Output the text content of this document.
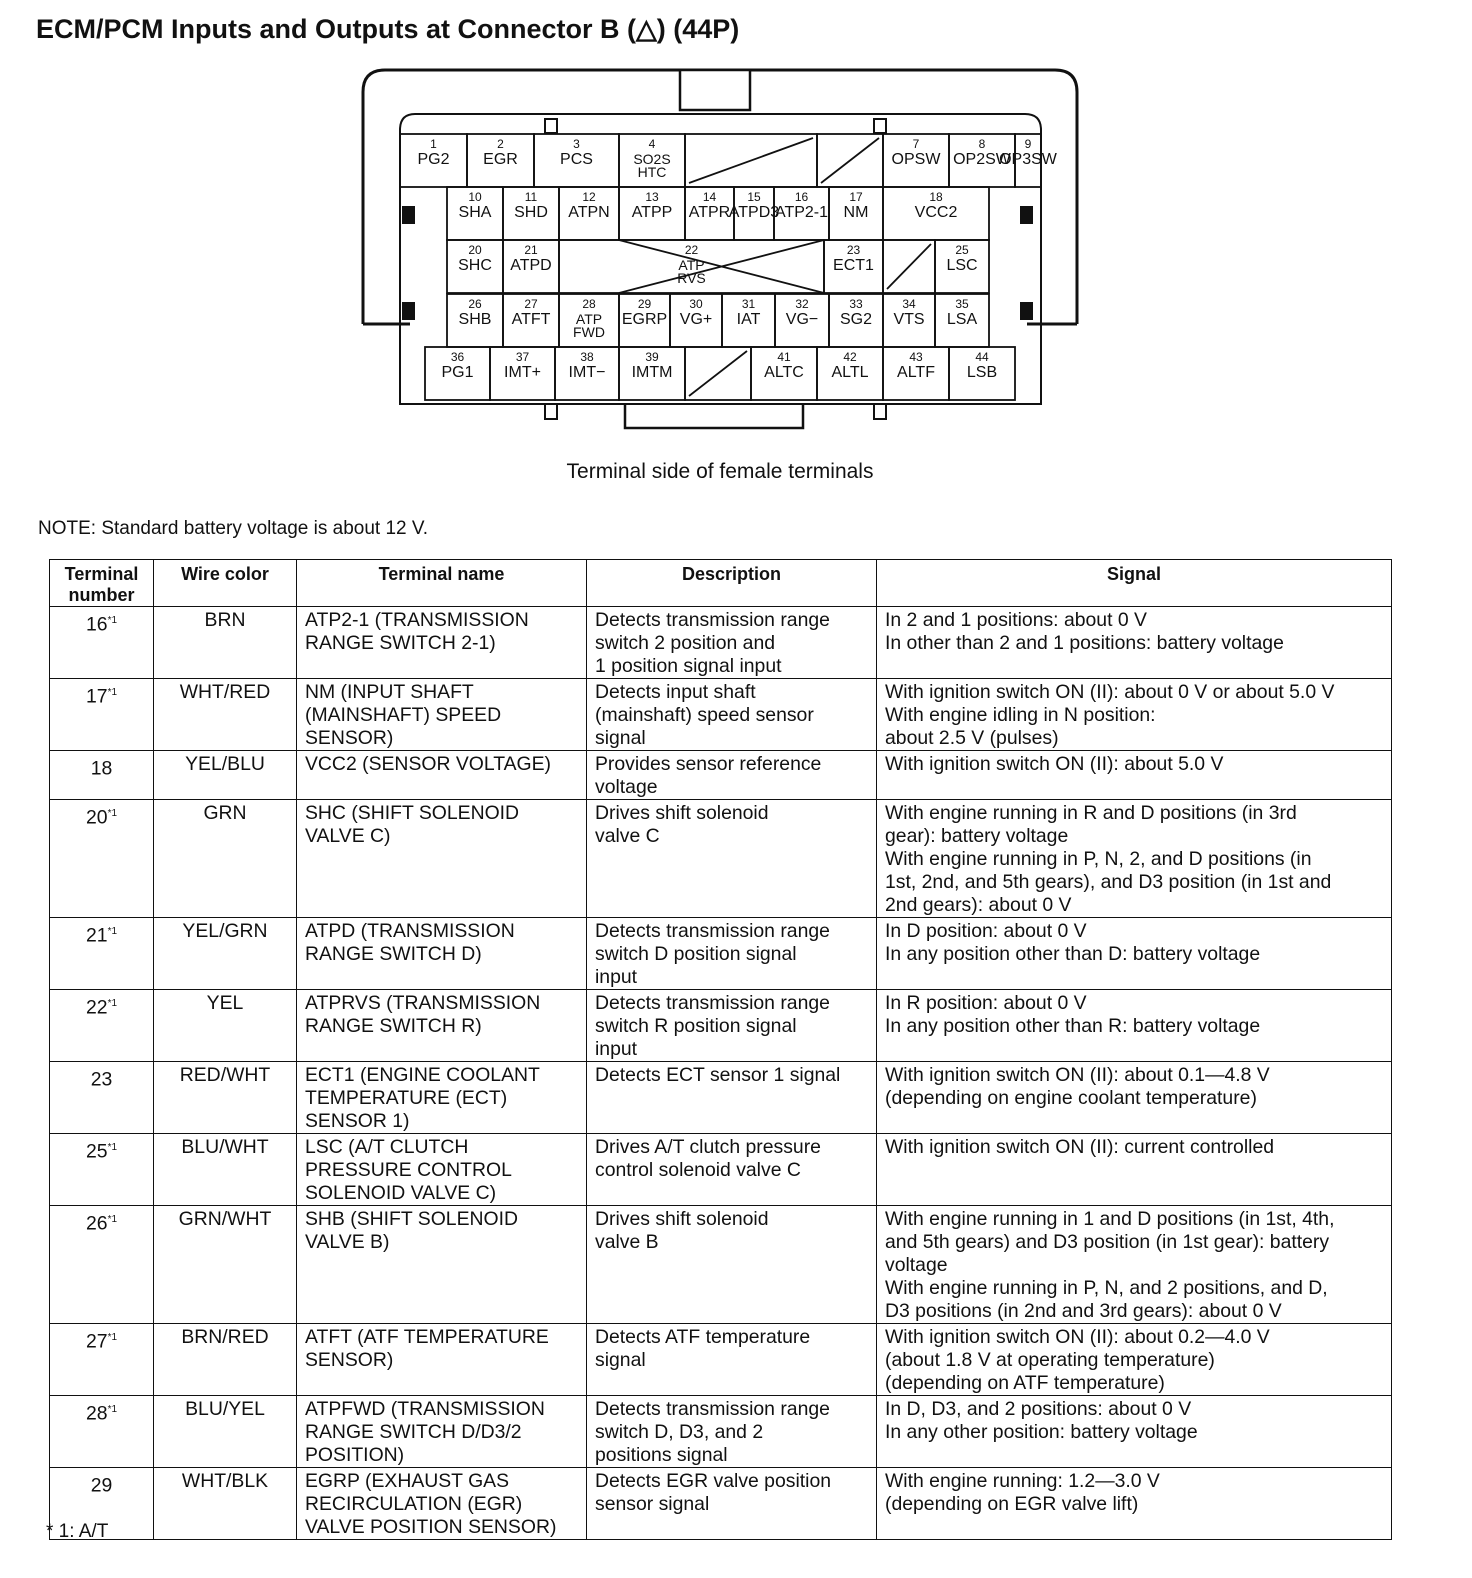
ECM/PCM Inputs and Outputs at Connector B (△) (44P)
1
PG2
2
EGR
3
PCS
4
SO2S
HTC
7
OPSW
8
OP2SW
9
OP3SW
10
SHA
11
SHD
12
ATPN
13
ATPP
14
ATPR
15
ATPD3
16
ATP2-1
17
NM
18
VCC2
20
SHC
21
ATPD
22
ATP
RVS
23
ECT1
25
LSC
26
SHB
27
ATFT
28
ATP
FWD
29
EGRP
30
VG+
31
IAT
32
VG−
33
SG2
34
VTS
35
LSA
36
PG1
37
IMT+
38
IMT−
39
IMTM
41
ALTC
42
ALTL
43
ALTF
44
LSB
Terminal side of female terminals
NOTE: Standard battery voltage is about 12 V.
Terminal
number	Wire color	Terminal name	Description	Signal
16$^{*1}$	BRN	ATP2-1 (TRANSMISSION
RANGE SWITCH 2-1)	Detects transmission range
switch 2 position and
1 position signal input	In 2 and 1 positions: about 0 V
In other than 2 and 1 positions: battery voltage
17$^{*1}$	WHT/RED	NM (INPUT SHAFT
(MAINSHAFT) SPEED
SENSOR)	Detects input shaft
(mainshaft) speed sensor
signal	With ignition switch ON (II): about 0 V or about 5.0 V
With engine idling in N position:
about 2.5 V (pulses)
18	YEL/BLU	VCC2 (SENSOR VOLTAGE)	Provides sensor reference
voltage	With ignition switch ON (II): about 5.0 V
20$^{*1}$	GRN	SHC (SHIFT SOLENOID
VALVE C)	Drives shift solenoid
valve C	With engine running in R and D positions (in 3rd
gear): battery voltage
With engine running in P, N, 2, and D positions (in
1st, 2nd, and 5th gears), and D3 position (in 1st and
2nd gears): about 0 V
21$^{*1}$	YEL/GRN	ATPD (TRANSMISSION
RANGE SWITCH D)	Detects transmission range
switch D position signal
input	In D position: about 0 V
In any position other than D: battery voltage
22$^{*1}$	YEL	ATPRVS (TRANSMISSION
RANGE SWITCH R)	Detects transmission range
switch R position signal
input	In R position: about 0 V
In any position other than R: battery voltage
23	RED/WHT	ECT1 (ENGINE COOLANT
TEMPERATURE (ECT)
SENSOR 1)	Detects ECT sensor 1 signal	With ignition switch ON (II): about 0.1—4.8 V
(depending on engine coolant temperature)
25$^{*1}$	BLU/WHT	LSC (A/T CLUTCH
PRESSURE CONTROL
SOLENOID VALVE C)	Drives A/T clutch pressure
control solenoid valve C	With ignition switch ON (II): current controlled
26$^{*1}$	GRN/WHT	SHB (SHIFT SOLENOID
VALVE B)	Drives shift solenoid
valve B	With engine running in 1 and D positions (in 1st, 4th,
and 5th gears) and D3 position (in 1st gear): battery
voltage
With engine running in P, N, and 2 positions, and D,
D3 positions (in 2nd and 3rd gears): about 0 V
27$^{*1}$	BRN/RED	ATFT (ATF TEMPERATURE
SENSOR)	Detects ATF temperature
signal	With ignition switch ON (II): about 0.2—4.0 V
(about 1.8 V at operating temperature)
(depending on ATF temperature)
28$^{*1}$	BLU/YEL	ATPFWD (TRANSMISSION
RANGE SWITCH D/D3/2
POSITION)	Detects transmission range
switch D, D3, and 2
positions signal	In D, D3, and 2 positions: about 0 V
In any other position: battery voltage
29	WHT/BLK	EGRP (EXHAUST GAS
RECIRCULATION (EGR)
VALVE POSITION SENSOR)	Detects EGR valve position
sensor signal	With engine running: 1.2—3.0 V
(depending on EGR valve lift)
* 1: A/T
